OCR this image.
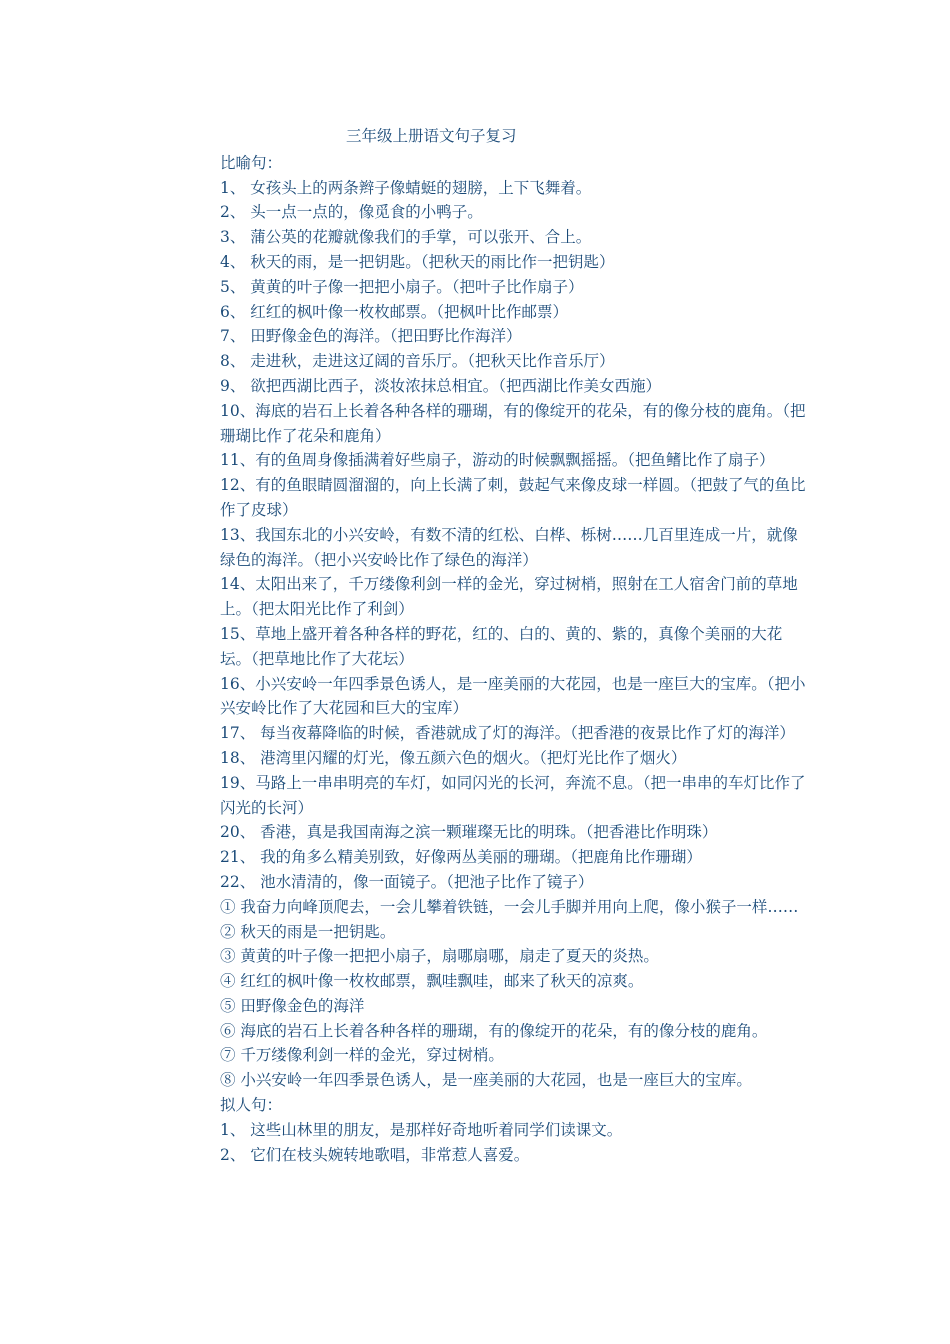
三年级上册语文句子复习
比喻句：
1、 女孩头上的两条辫子像蜻蜓的翅膀，上下飞舞着。
2、 头一点一点的，像觅食的小鸭子。
3、 蒲公英的花瓣就像我们的手掌，可以张开、合上。
4、 秋天的雨，是一把钥匙。（把秋天的雨比作一把钥匙）
5、 黄黄的叶子像一把把小扇子。（把叶子比作扇子）
6、 红红的枫叶像一枚枚邮票。（把枫叶比作邮票）
7、 田野像金色的海洋。（把田野比作海洋）
8、 走进秋，走进这辽阔的音乐厅。（把秋天比作音乐厅）
9、 欲把西湖比西子，淡妆浓抹总相宜。（把西湖比作美女西施）
10、海底的岩石上长着各种各样的珊瑚，有的像绽开的花朵，有的像分枝的鹿角。（把珊瑚比作了花朵和鹿角）
11、有的鱼周身像插满着好些扇子，游动的时候飘飘摇摇。（把鱼鳍比作了扇子）
12、有的鱼眼睛圆溜溜的，向上长满了刺，鼓起气来像皮球一样圆。（把鼓了气的鱼比作了皮球）
13、我国东北的小兴安岭，有数不清的红松、白桦、栎树……几百里连成一片，就像绿色的海洋。（把小兴安岭比作了绿色的海洋）
14、太阳出来了，千万缕像利剑一样的金光，穿过树梢，照射在工人宿舍门前的草地上。（把太阳光比作了利剑）
15、草地上盛开着各种各样的野花，红的、白的、黄的、紫的，真像个美丽的大花坛。（把草地比作了大花坛）
16、小兴安岭一年四季景色诱人，是一座美丽的大花园，也是一座巨大的宝库。（把小兴安岭比作了大花园和巨大的宝库）
17、 每当夜幕降临的时候，香港就成了灯的海洋。（把香港的夜景比作了灯的海洋）
18、 港湾里闪耀的灯光，像五颜六色的烟火。（把灯光比作了烟火）
19、马路上一串串明亮的车灯，如同闪光的长河，奔流不息。（把一串串的车灯比作了闪光的长河）
20、 香港，真是我国南海之滨一颗璀璨无比的明珠。（把香港比作明珠）
21、 我的角多么精美别致，好像两丛美丽的珊瑚。（把鹿角比作珊瑚）
22、 池水清清的，像一面镜子。（把池子比作了镜子）
① 我奋力向峰顶爬去，一会儿攀着铁链，一会儿手脚并用向上爬，像小猴子一样……
② 秋天的雨是一把钥匙。
③ 黄黄的叶子像一把把小扇子，扇哪扇哪，扇走了夏天的炎热。
④ 红红的枫叶像一枚枚邮票，飘哇飘哇，邮来了秋天的凉爽。
⑤ 田野像金色的海洋
⑥ 海底的岩石上长着各种各样的珊瑚，有的像绽开的花朵，有的像分枝的鹿角。
⑦ 千万缕像利剑一样的金光，穿过树梢。
⑧ 小兴安岭一年四季景色诱人，是一座美丽的大花园，也是一座巨大的宝库。
拟人句：
1、 这些山林里的朋友，是那样好奇地听着同学们读课文。
2、 它们在枝头婉转地歌唱，非常惹人喜爱。
